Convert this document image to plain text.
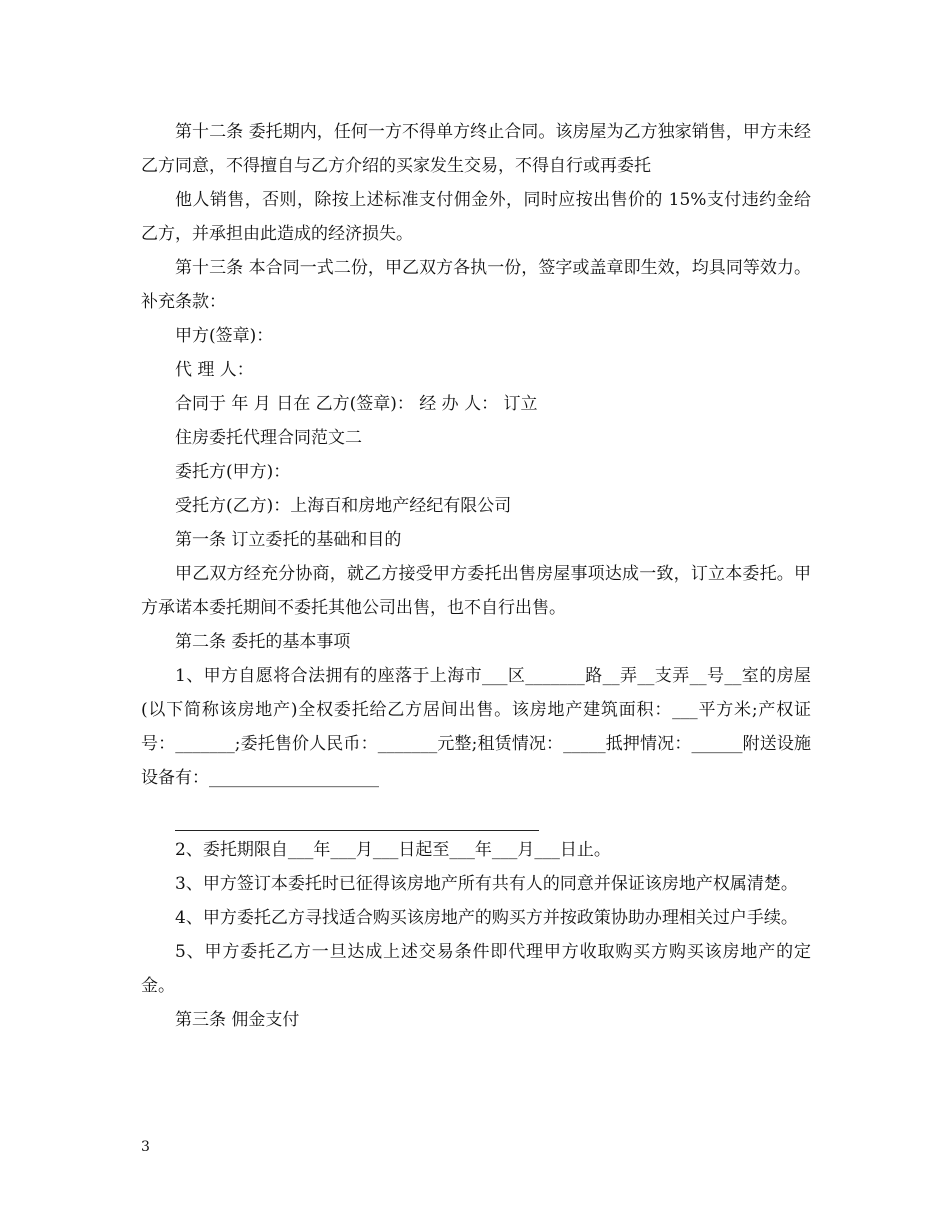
第十二条 委托期内，任何一方不得单方终止合同。该房屋为乙方独家销售，甲方未经乙方同意，不得擅自与乙方介绍的买家发生交易，不得自行或再委托

他人销售，否则，除按上述标准支付佣金外，同时应按出售价的 15%支付违约金给乙方，并承担由此造成的经济损失。

第十三条 本合同一式二份，甲乙双方各执一份，签字或盖章即生效，均具同等效力。补充条款：

甲方(签章)：

代 理 人：

合同于 年 月 日在 乙方(签章)： 经 办 人： 订立

住房委托代理合同范文二

委托方(甲方)：

受托方(乙方)：上海百和房地产经纪有限公司

第一条 订立委托的基础和目的

甲乙双方经充分协商，就乙方接受甲方委托出售房屋事项达成一致，订立本委托。甲方承诺本委托期间不委托其他公司出售，也不自行出售。

第二条 委托的基本事项

1、甲方自愿将合法拥有的座落于上海市___区_______路__弄__支弄__号__室的房屋(以下简称该房地产)全权委托给乙方居间出售。该房地产建筑面积：___平方米;产权证号：_______;委托售价人民币：_______元整;租赁情况：_____抵押情况：______附送设施设备有：____________________

2、委托期限自___年___月___日起至___年___月___日止。

3、甲方签订本委托时已征得该房地产所有共有人的同意并保证该房地产权属清楚。

4、甲方委托乙方寻找适合购买该房地产的购买方并按政策协助办理相关过户手续。

5、甲方委托乙方一旦达成上述交易条件即代理甲方收取购买方购买该房地产的定金。

第三条 佣金支付

3
